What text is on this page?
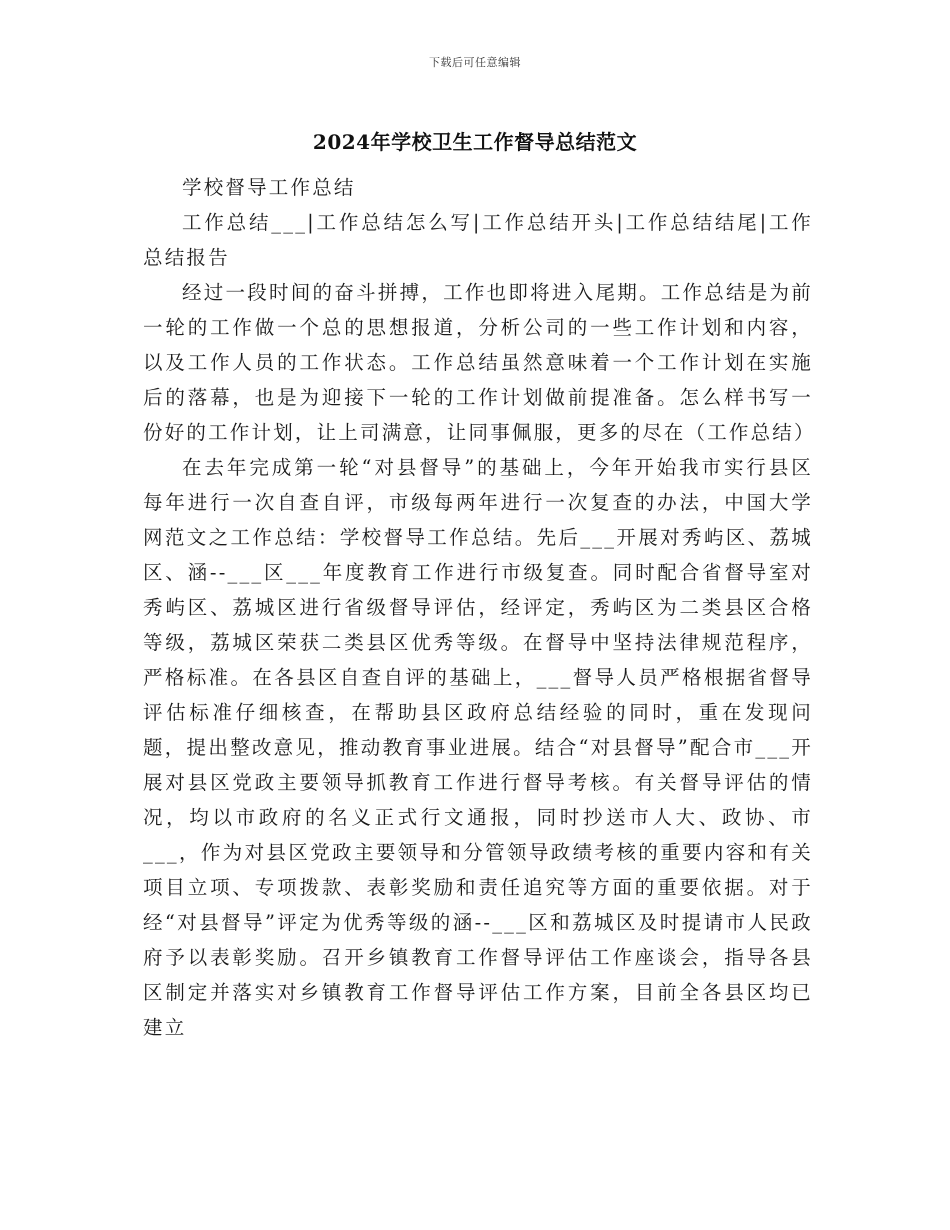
下载后可任意编辑
2024年学校卫生工作督导总结范文

学校督导工作总结

工作总结___|工作总结怎么写|工作总结开头|工作总结结尾|工作总结报告

经过一段时间的奋斗拼搏，工作也即将进入尾期。工作总结是为前一轮的工作做一个总的思想报道，分析公司的一些工作计划和内容，以及工作人员的工作状态。工作总结虽然意味着一个工作计划在实施后的落幕，也是为迎接下一轮的工作计划做前提准备。怎么样书写一份好的工作计划，让上司满意，让同事佩服，更多的尽在（工作总结）

在去年完成第一轮“对县督导”的基础上，今年开始我市实行县区每年进行一次自查自评，市级每两年进行一次复查的办法，中国大学网范文之工作总结：学校督导工作总结。先后___开展对秀屿区、荔城区、涵--___区___年度教育工作进行市级复查。同时配合省督导室对秀屿区、荔城区进行省级督导评估，经评定，秀屿区为二类县区合格等级，荔城区荣获二类县区优秀等级。在督导中坚持法律规范程序，严格标准。在各县区自查自评的基础上，___督导人员严格根据省督导评估标准仔细核查，在帮助县区政府总结经验的同时，重在发现问题，提出整改意见，推动教育事业进展。结合“对县督导”配合市___开展对县区党政主要领导抓教育工作进行督导考核。有关督导评估的情况，均以市政府的名义正式行文通报，同时抄送市人大、政协、市___，作为对县区党政主要领导和分管领导政绩考核的重要内容和有关项目立项、专项拨款、表彰奖励和责任追究等方面的重要依据。对于经“对县督导”评定为优秀等级的涵--___区和荔城区及时提请市人民政府予以表彰奖励。召开乡镇教育工作督导评估工作座谈会，指导各县区制定并落实对乡镇教育工作督导评估工作方案，目前全各县区均已建立
